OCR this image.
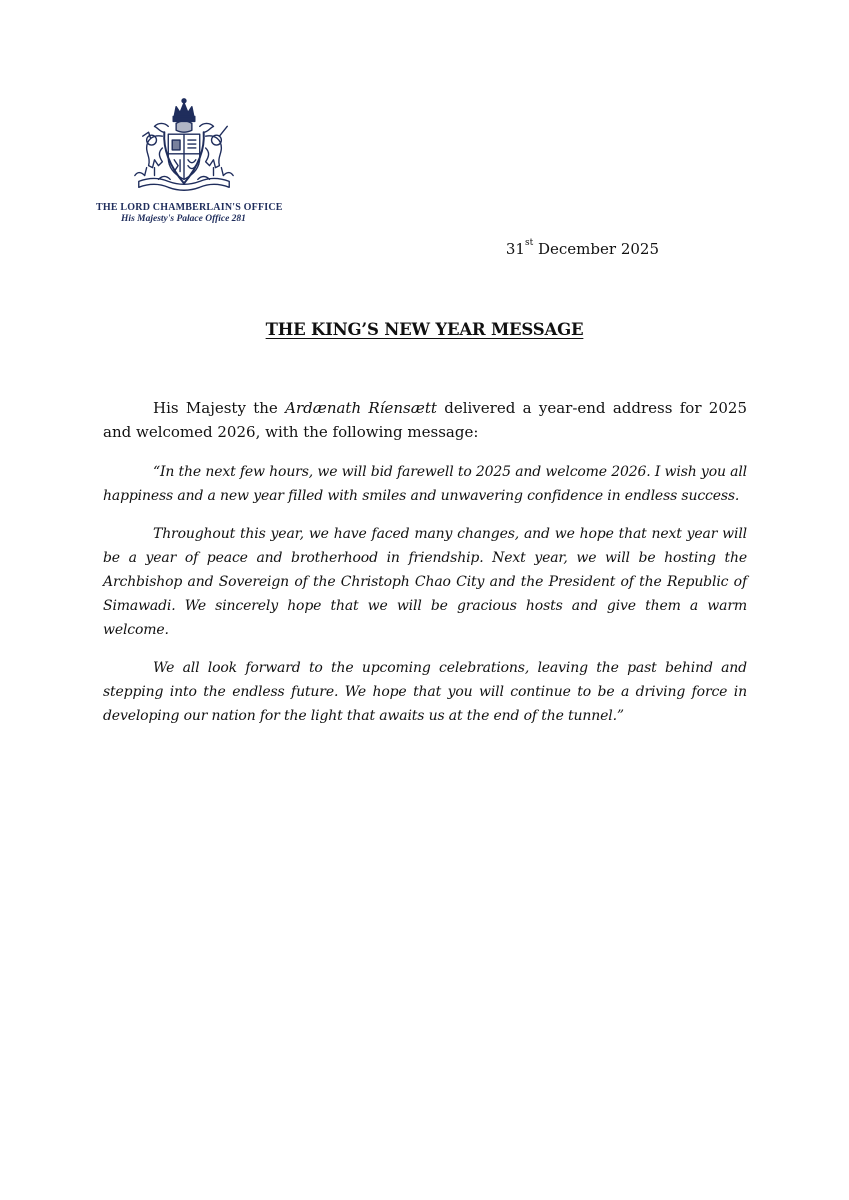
THE LORD CHAMBERLAIN'S OFFICE
His Majesty's Palace Office 281
31st December 2025
THE KING’S NEW YEAR MESSAGE

His Majesty the Ardænath Ríensætt delivered a year-end address for 2025 and welcomed 2026, with the following message:

“In the next few hours, we will bid farewell to 2025 and welcome 2026. I wish you all happiness and a new year filled with smiles and unwavering confidence in endless success.

Throughout this year, we have faced many changes, and we hope that next year will be a year of peace and brotherhood in friendship. Next year, we will be hosting the Archbishop and Sovereign of the Christoph Chao City and the President of the Republic of Simawadi. We sincerely hope that we will be gracious hosts and give them a warm welcome.

We all look forward to the upcoming celebrations, leaving the past behind and stepping into the endless future. We hope that you will continue to be a driving force in developing our nation for the light that awaits us at the end of the tunnel.”
